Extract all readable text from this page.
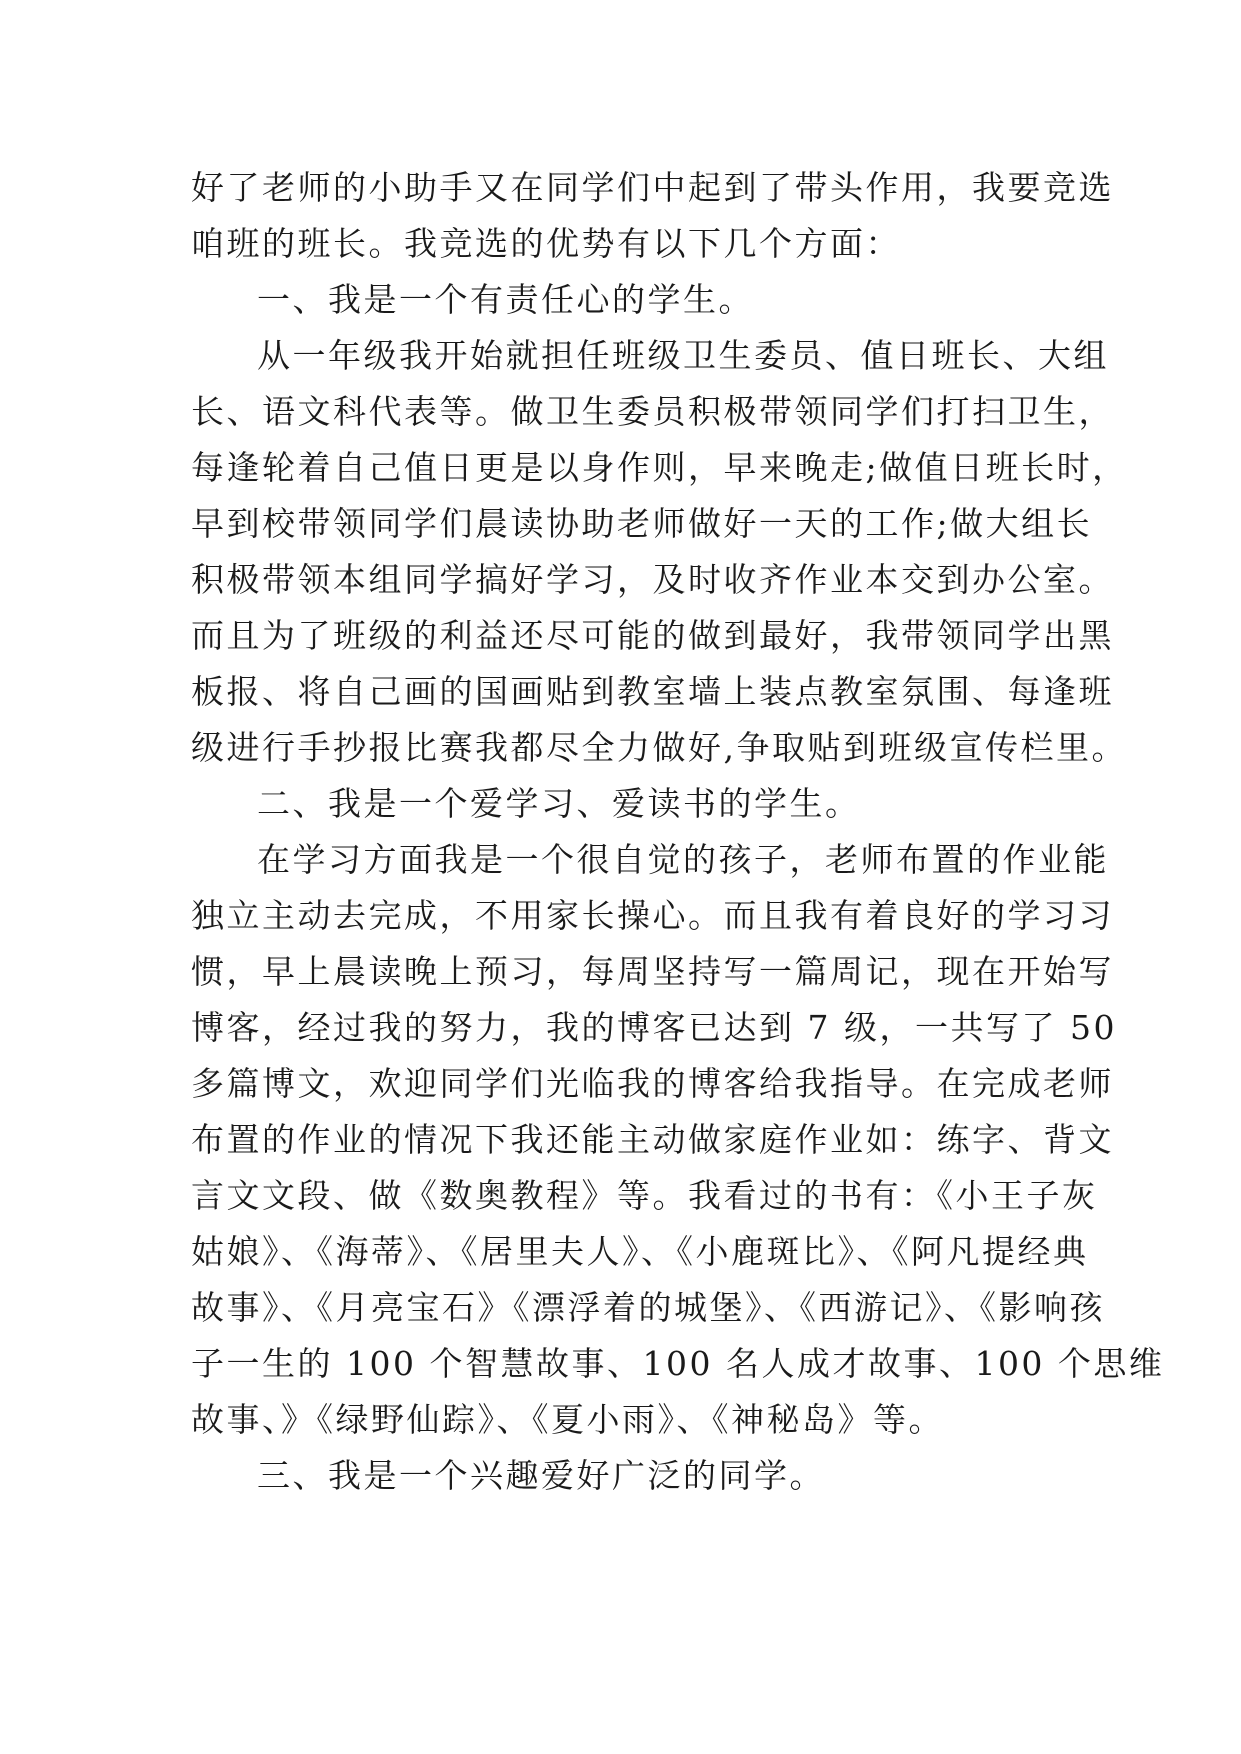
好了老师的小助手又在同学们中起到了带头作用，我要竞选
咱班的班长。我竞选的优势有以下几个方面：
一、我是一个有责任心的学生。
从一年级我开始就担任班级卫生委员、值日班长、大组
长、语文科代表等。做卫生委员积极带领同学们打扫卫生，
每逢轮着自己值日更是以身作则，早来晚走;做值日班长时，
早到校带领同学们晨读协助老师做好一天的工作;做大组长
积极带领本组同学搞好学习，及时收齐作业本交到办公室。
而且为了班级的利益还尽可能的做到最好，我带领同学出黑
板报、将自己画的国画贴到教室墙上装点教室氛围、每逢班
级进行手抄报比赛我都尽全力做好,争取贴到班级宣传栏里。
二、我是一个爱学习、爱读书的学生。
在学习方面我是一个很自觉的孩子，老师布置的作业能
独立主动去完成，不用家长操心。而且我有着良好的学习习
惯，早上晨读晚上预习，每周坚持写一篇周记，现在开始写
博客，经过我的努力，我的博客已达到 7 级，一共写了 50
多篇博文，欢迎同学们光临我的博客给我指导。在完成老师
布置的作业的情况下我还能主动做家庭作业如：练字、背文
言文文段、做《数奥教程》等。我看过的书有：《小王子灰
姑娘》、《海蒂》、《居里夫人》、《小鹿斑比》、《阿凡提经典
故事》、《月亮宝石》《漂浮着的城堡》、《西游记》、《影响孩
子一生的 100 个智慧故事、100 名人成才故事、100 个思维
故事、》《绿野仙踪》、《夏小雨》、《神秘岛》等。
三、我是一个兴趣爱好广泛的同学。
